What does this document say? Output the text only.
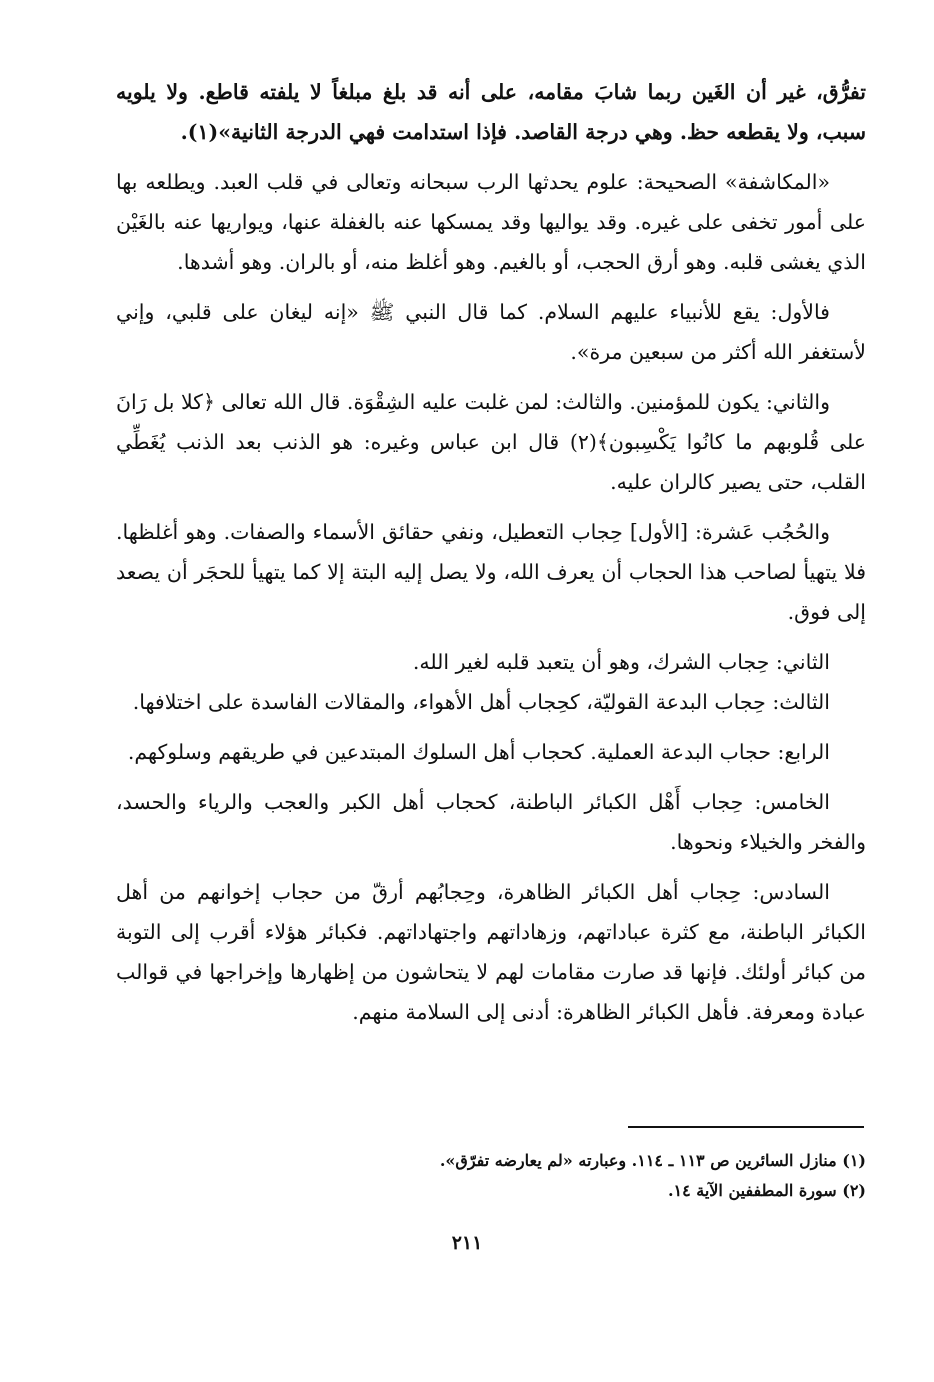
تفرُّق، غير أن الغَين ربما شابَ مقامه، على أنه قد بلغ مبلغاً لا يلفته قاطع. ولا يلويه سبب، ولا يقطعه حظ. وهي درجة القاصد. فإذا استدامت فهي الدرجة الثانية»(١).

«المكاشفة» الصحيحة: علوم يحدثها الرب سبحانه وتعالى في قلب العبد. ويطلعه بها على أمور تخفى على غيره. وقد يواليها وقد يمسكها عنه بالغفلة عنها، ويواريها عنه بالغَيْن الذي يغشى قلبه. وهو أرق الحجب، أو بالغيم. وهو أغلظ منه، أو بالران. وهو أشدها.

فالأول: يقع للأنبياء عليهم السلام. كما قال النبي ﷺ «إنه ليغان على قلبي، وإني لأستغفر الله أكثر من سبعين مرة».

والثاني: يكون للمؤمنين. والثالث: لمن غلبت عليه الشِقْوَة. قال الله تعالى ﴿كلا بل رَانَ على قُلوبهم ما كانُوا يَكْسِبون﴾(٢) قال ابن عباس وغيره: هو الذنب بعد الذنب يُغَطِّي القلب، حتى يصير كالران عليه.

والحُجُب عَشرة: [الأول] حِجاب التعطيل، ونفي حقائق الأسماء والصفات. وهو أغلظها. فلا يتهيأ لصاحب هذا الحجاب أن يعرف الله، ولا يصل إليه البتة إلا كما يتهيأ للحجَر أن يصعد إلى فوق.

الثاني: حِجاب الشرك، وهو أن يتعبد قلبه لغير الله.

الثالث: حِجاب البدعة القوليّة، كحِجاب أهل الأهواء، والمقالات الفاسدة على اختلافها.

الرابع: حجاب البدعة العملية. كحجاب أهل السلوك المبتدعين في طريقهم وسلوكهم.

الخامس: حِجاب أَهْل الكبائر الباطنة، كحجاب أهل الكبر والعجب والرياء والحسد، والفخر والخيلاء ونحوها.

السادس: حِجاب أهل الكبائر الظاهرة، وحِجابُهم أرقّ من حجاب إخوانهم من أهل الكبائر الباطنة، مع كثرة عباداتهم، وزهاداتهم واجتهاداتهم. فكبائر هؤلاء أقرب إلى التوبة من كبائر أولئك. فإنها قد صارت مقامات لهم لا يتحاشون من إظهارها وإخراجها في قوالب عبادة ومعرفة. فأهل الكبائر الظاهرة: أدنى إلى السلامة منهم.

(١) منازل السائرين ص ١١٣ ـ ١١٤. وعبارته «لم يعارضه تفرّق».
(٢) سورة المطففين الآية ١٤.
٢١١
